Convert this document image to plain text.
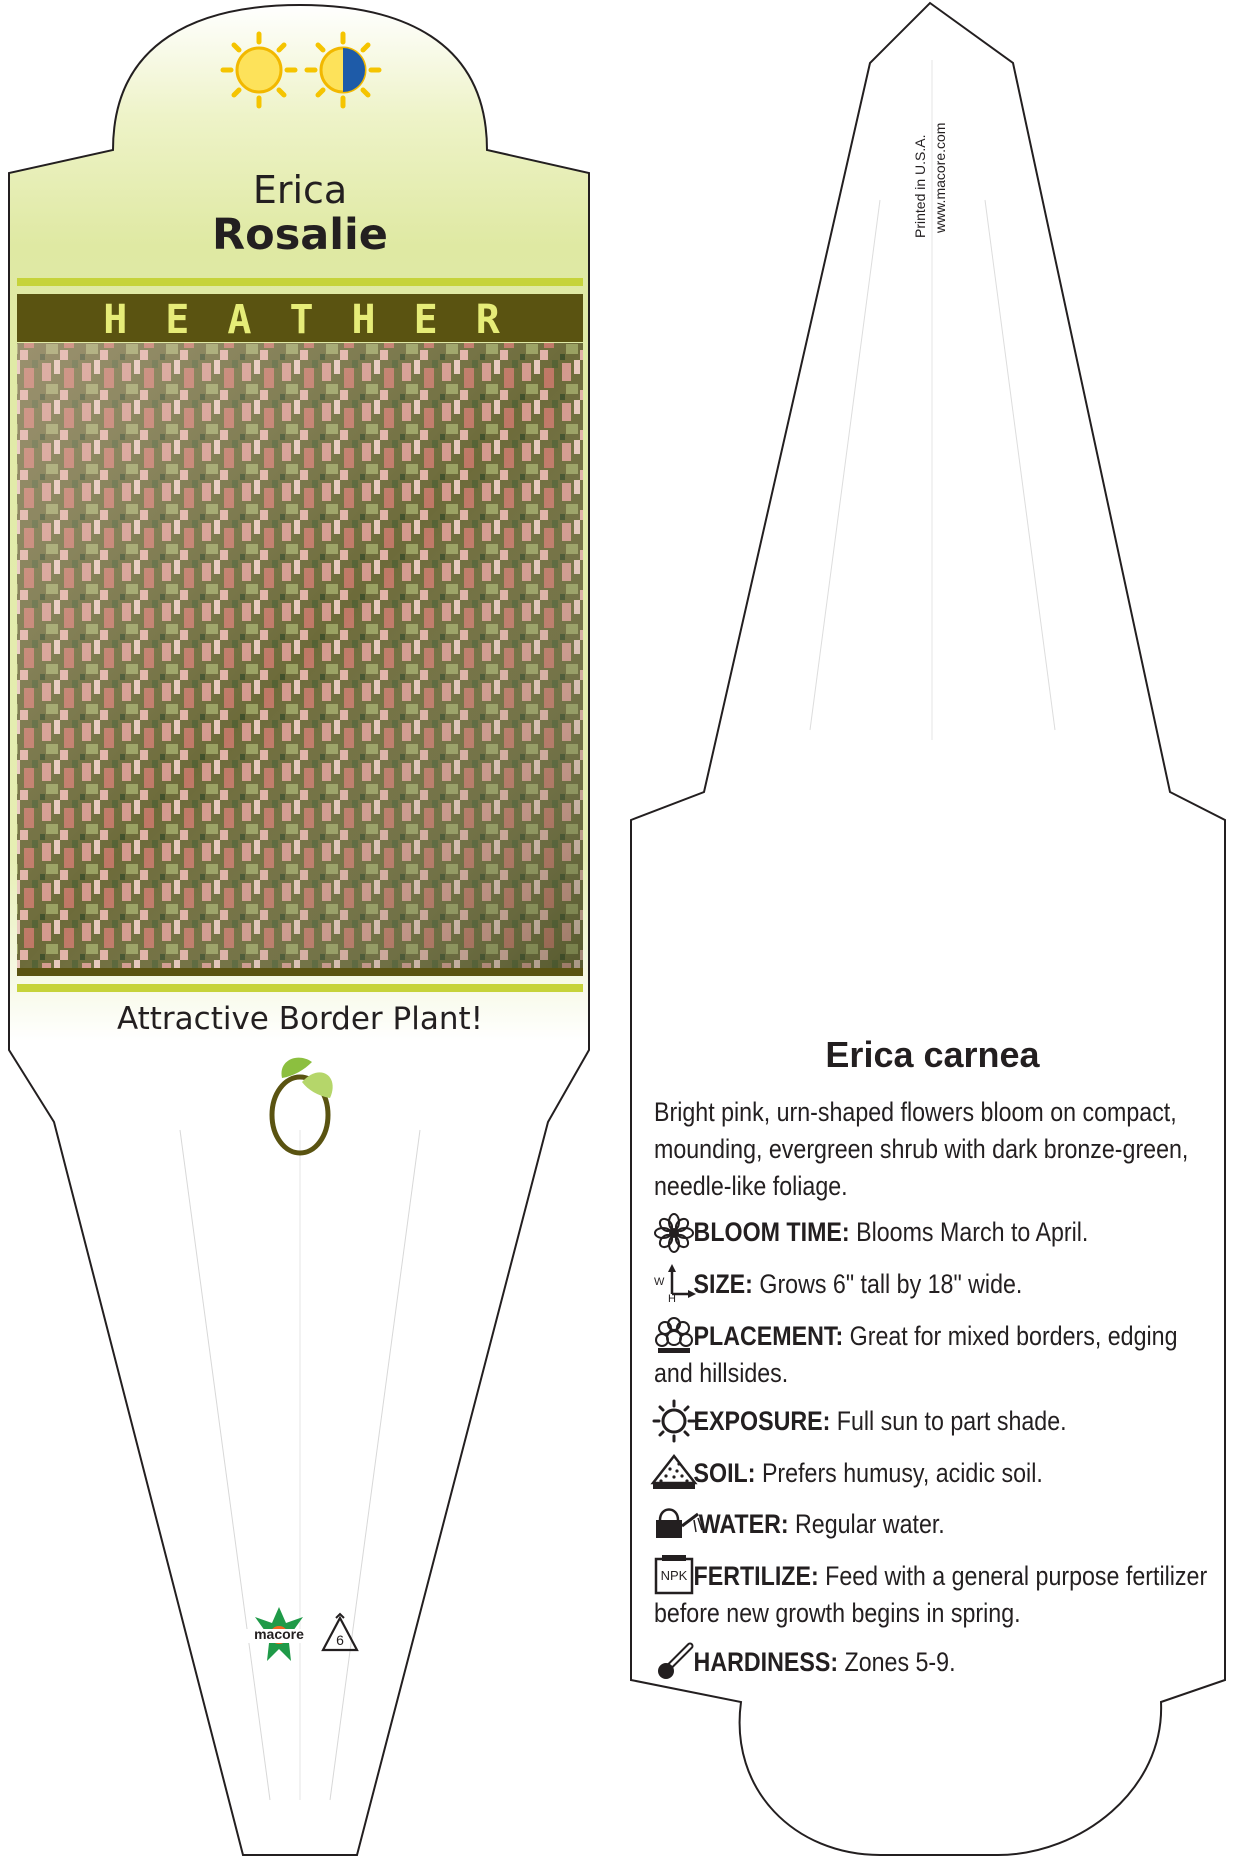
Erica
Rosalie
HEATHER
Attractive Border Plant!
macore	6
Printed in U.S.A. www.macore.com
Erica carnea
Bright pink, urn-shaped flowers bloom on compact, mounding, evergreen shrub with dark bronze-green, needle-like foliage.
BLOOM TIME: Blooms March to April.
SIZE: Grows 6" tall by 18" wide.
W
H
PLACEMENT: Great for mixed borders, edging and hillsides.
EXPOSURE: Full sun to part shade.
SOIL: Prefers humusy, acidic soil.
WATER: Regular water.
FERTILIZE: Feed with a general purpose fertilizer before new growth begins in spring.
NPK
HARDINESS: Zones 5-9.
